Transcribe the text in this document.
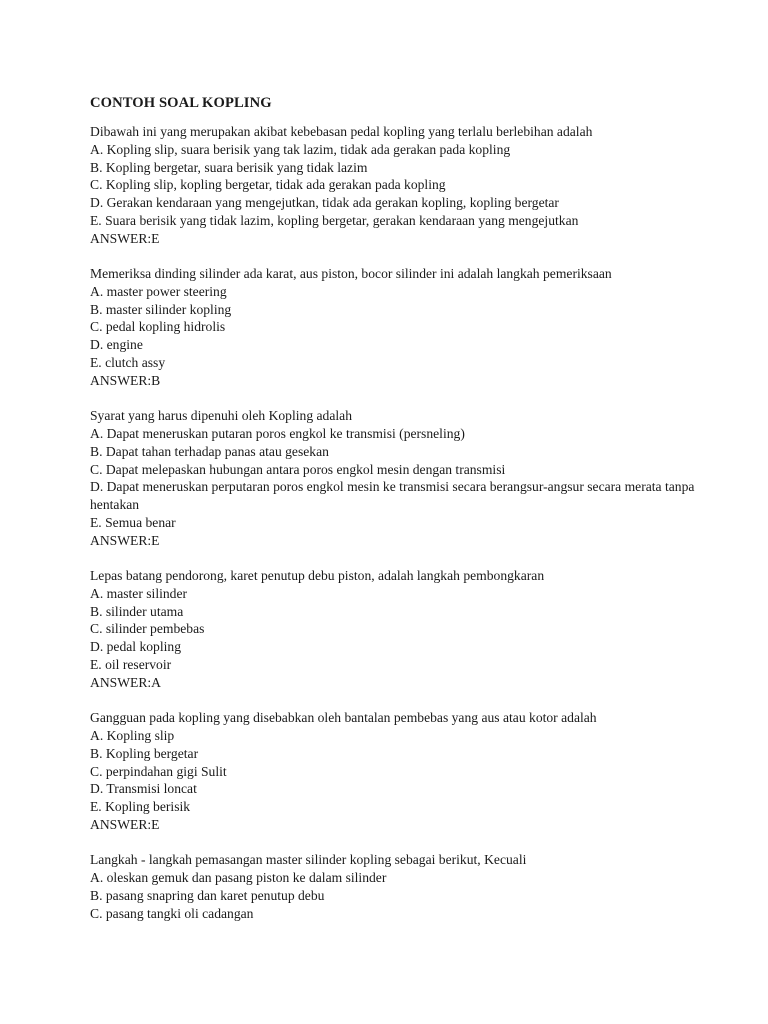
CONTOH SOAL KOPLING
Dibawah ini yang merupakan akibat kebebasan pedal kopling yang terlalu berlebihan adalah
A. Kopling slip, suara berisik yang tak lazim, tidak ada gerakan pada kopling
B. Kopling bergetar, suara berisik yang tidak lazim
C. Kopling slip, kopling bergetar, tidak ada gerakan pada kopling
D. Gerakan kendaraan yang mengejutkan, tidak ada gerakan kopling, kopling bergetar
E. Suara berisik yang tidak lazim, kopling bergetar, gerakan kendaraan yang mengejutkan
ANSWER:E
Memeriksa dinding silinder ada karat, aus piston, bocor silinder ini adalah langkah pemeriksaan
A. master power steering
B. master silinder kopling
C. pedal kopling hidrolis
D. engine
E. clutch assy
ANSWER:B
Syarat yang harus dipenuhi oleh Kopling adalah
A. Dapat meneruskan putaran poros engkol ke transmisi (persneling)
B. Dapat tahan terhadap panas atau gesekan
C. Dapat melepaskan hubungan antara poros engkol mesin dengan transmisi
D. Dapat meneruskan perputaran poros engkol mesin ke transmisi secara berangsur-angsur secara merata tanpa hentakan
E. Semua benar
ANSWER:E
Lepas batang pendorong, karet penutup debu piston, adalah langkah pembongkaran
A. master silinder
B. silinder utama
C. silinder pembebas
D. pedal kopling
E. oil reservoir
ANSWER:A
Gangguan pada kopling yang disebabkan oleh bantalan pembebas yang aus atau kotor adalah
A. Kopling slip
B. Kopling bergetar
C. perpindahan gigi Sulit
D. Transmisi loncat
E. Kopling berisik
ANSWER:E
Langkah - langkah pemasangan master silinder kopling sebagai berikut, Kecuali
A. oleskan gemuk dan pasang piston ke dalam silinder
B. pasang snapring dan karet penutup debu
C. pasang tangki oli cadangan
